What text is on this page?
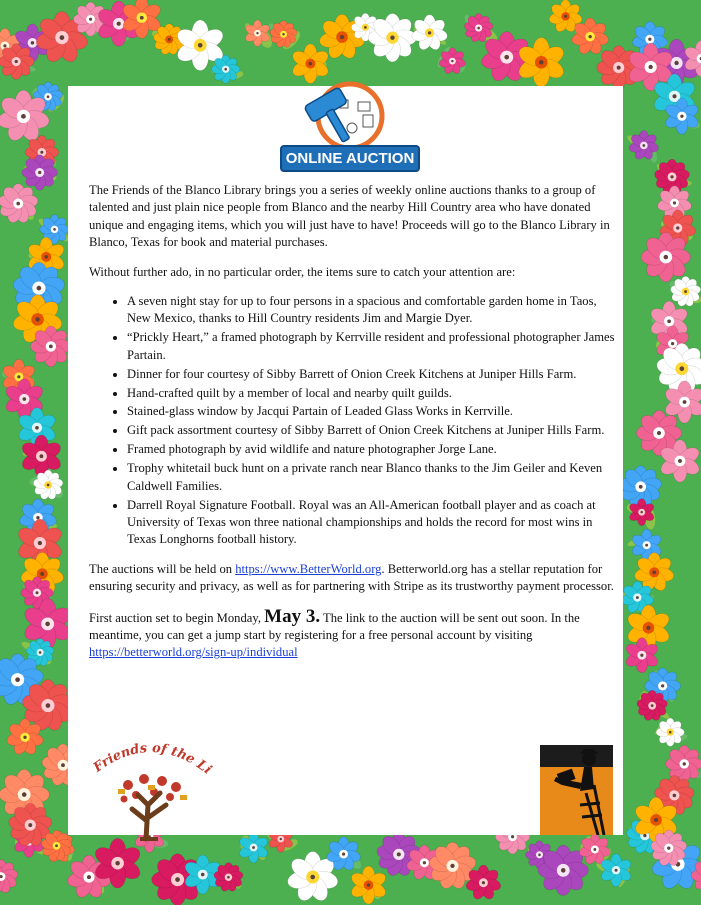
ONLINE AUCTION

The Friends of the Blanco Library brings you a series of weekly online auctions thanks to a group of talented and just plain nice people from Blanco and the nearby Hill Country area who have donated unique and engaging items, which you will just have to have! Proceeds will go to the Blanco Library in Blanco, Texas for book and material purchases.

Without further ado, in no particular order, the items sure to catch your attention are:

• A seven night stay for up to four persons in a spacious and comfortable garden home in Taos, New Mexico, thanks to Hill Country residents Jim and Margie Dyer.
• “Prickly Heart,” a framed photograph by Kerrville resident and professional photographer James Partain.
• Dinner for four courtesy of Sibby Barrett of Onion Creek Kitchens at Juniper Hills Farm.
• Hand-crafted quilt by a member of local and nearby quilt guilds.
• Stained-glass window by Jacqui Partain of Leaded Glass Works in Kerrville.
• Gift pack assortment courtesy of Sibby Barrett of Onion Creek Kitchens at Juniper Hills Farm.
• Framed photograph by avid wildlife and nature photographer Jorge Lane.
• Trophy whitetail buck hunt on a private ranch near Blanco thanks to the Jim Geiler and Keven Caldwell Families.
• Darrell Royal Signature Football. Royal was an All-American football player and as coach at University of Texas won three national championships and holds the record for most wins in Texas Longhorns football history.

The auctions will be held on https://www.BetterWorld.org. Betterworld.org has a stellar reputation for ensuring security and privacy, as well as for partnering with Stripe as its trustworthy payment processor.

First auction set to begin Monday, May 3. The link to the auction will be sent out soon. In the meantime, you can get a jump start by registering for a free personal account by visiting
https://betterworld.org/sign-up/individual

Friends of the Li
